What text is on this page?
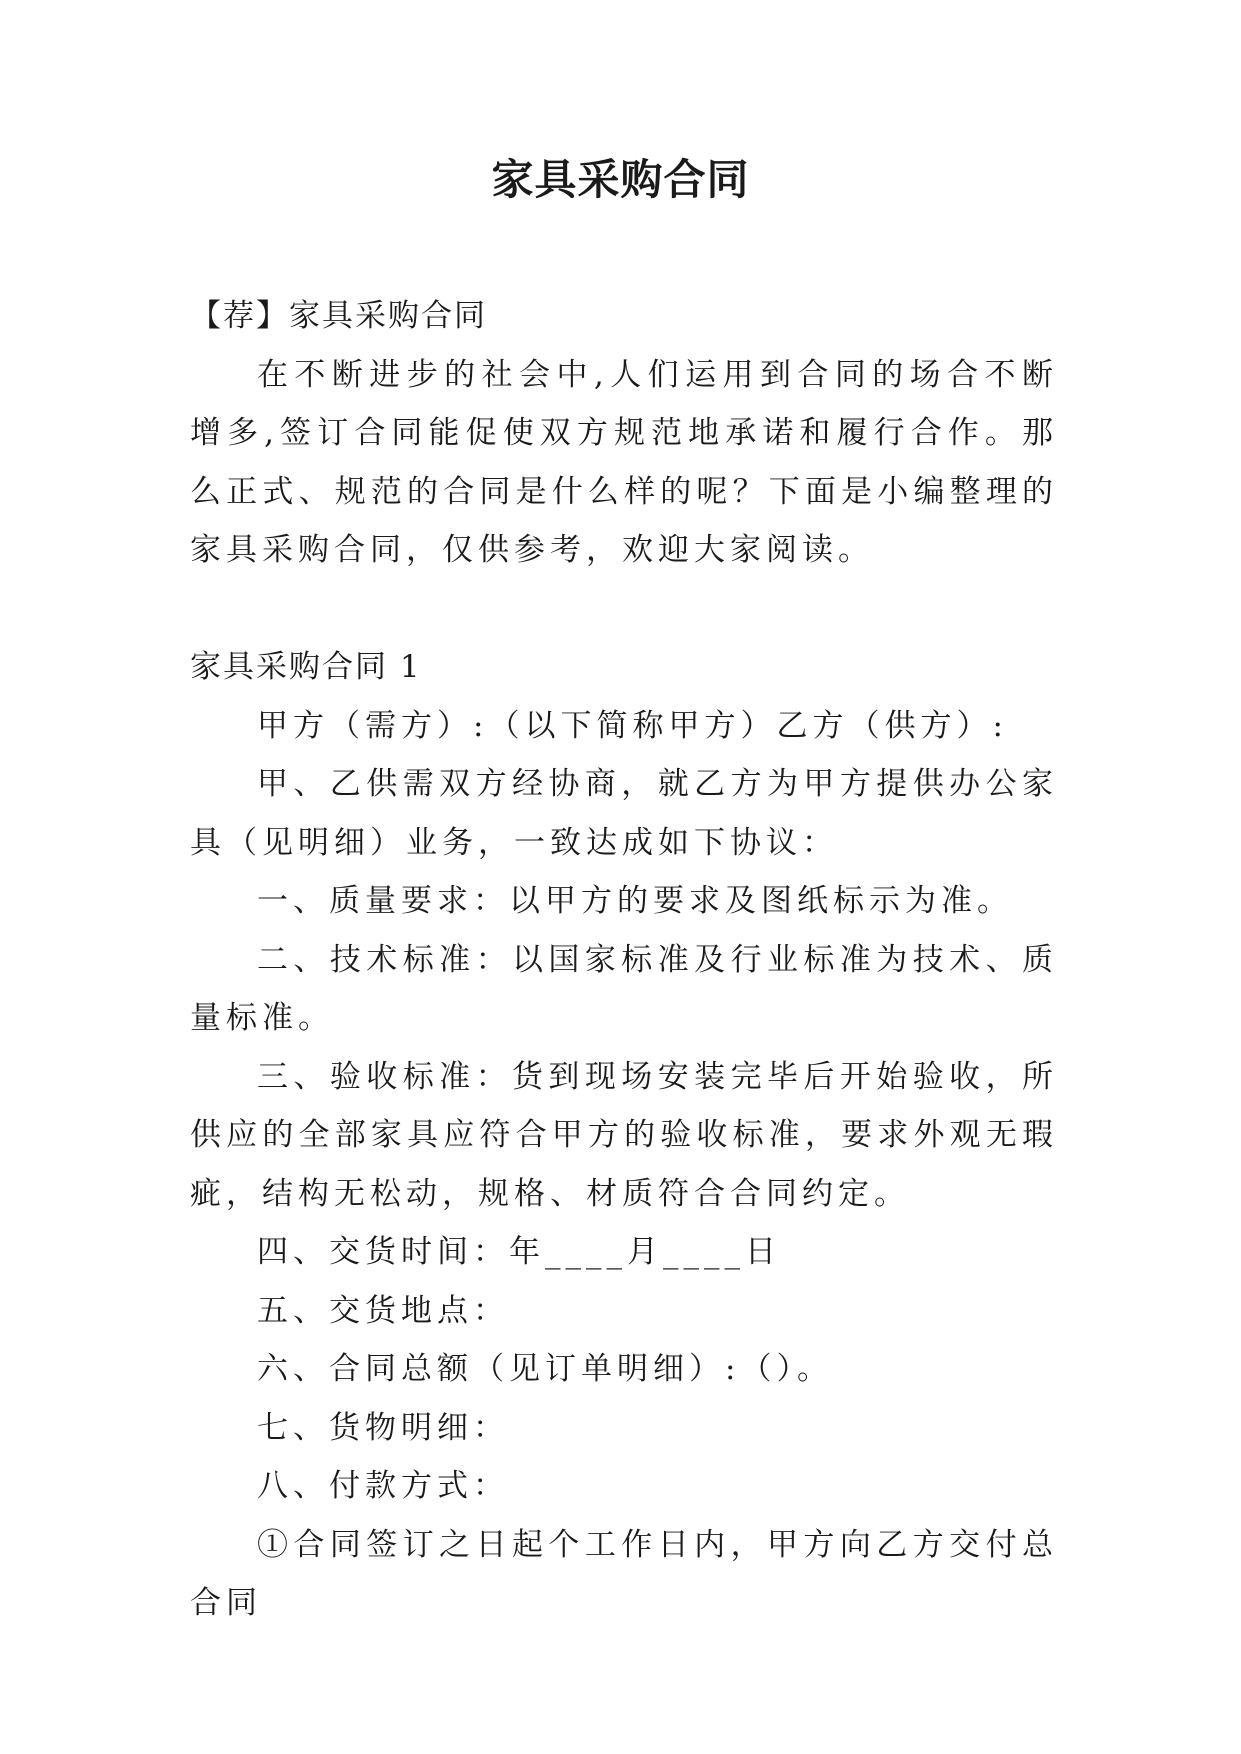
家具采购合同

【荐】家具采购合同

在不断进步的社会中,人们运用到合同的场合不断增多,签订合同能促使双方规范地承诺和履行合作。那么正式、规范的合同是什么样的呢？下面是小编整理的家具采购合同，仅供参考，欢迎大家阅读。

家具采购合同 1

甲方（需方）:（以下简称甲方）乙方（供方）:

甲、乙供需双方经协商，就乙方为甲方提供办公家具（见明细）业务，一致达成如下协议：

一、质量要求：以甲方的要求及图纸标示为准。

二、技术标准：以国家标准及行业标准为技术、质量标准。

三、验收标准：货到现场安装完毕后开始验收，所供应的全部家具应符合甲方的验收标准，要求外观无瑕疵，结构无松动，规格、材质符合合同约定。

四、交货时间：年____月____日

五、交货地点：

六、合同总额（见订单明细）:（）。

七、货物明细：

八、付款方式：

①合同签订之日起个工作日内，甲方向乙方交付总合同
